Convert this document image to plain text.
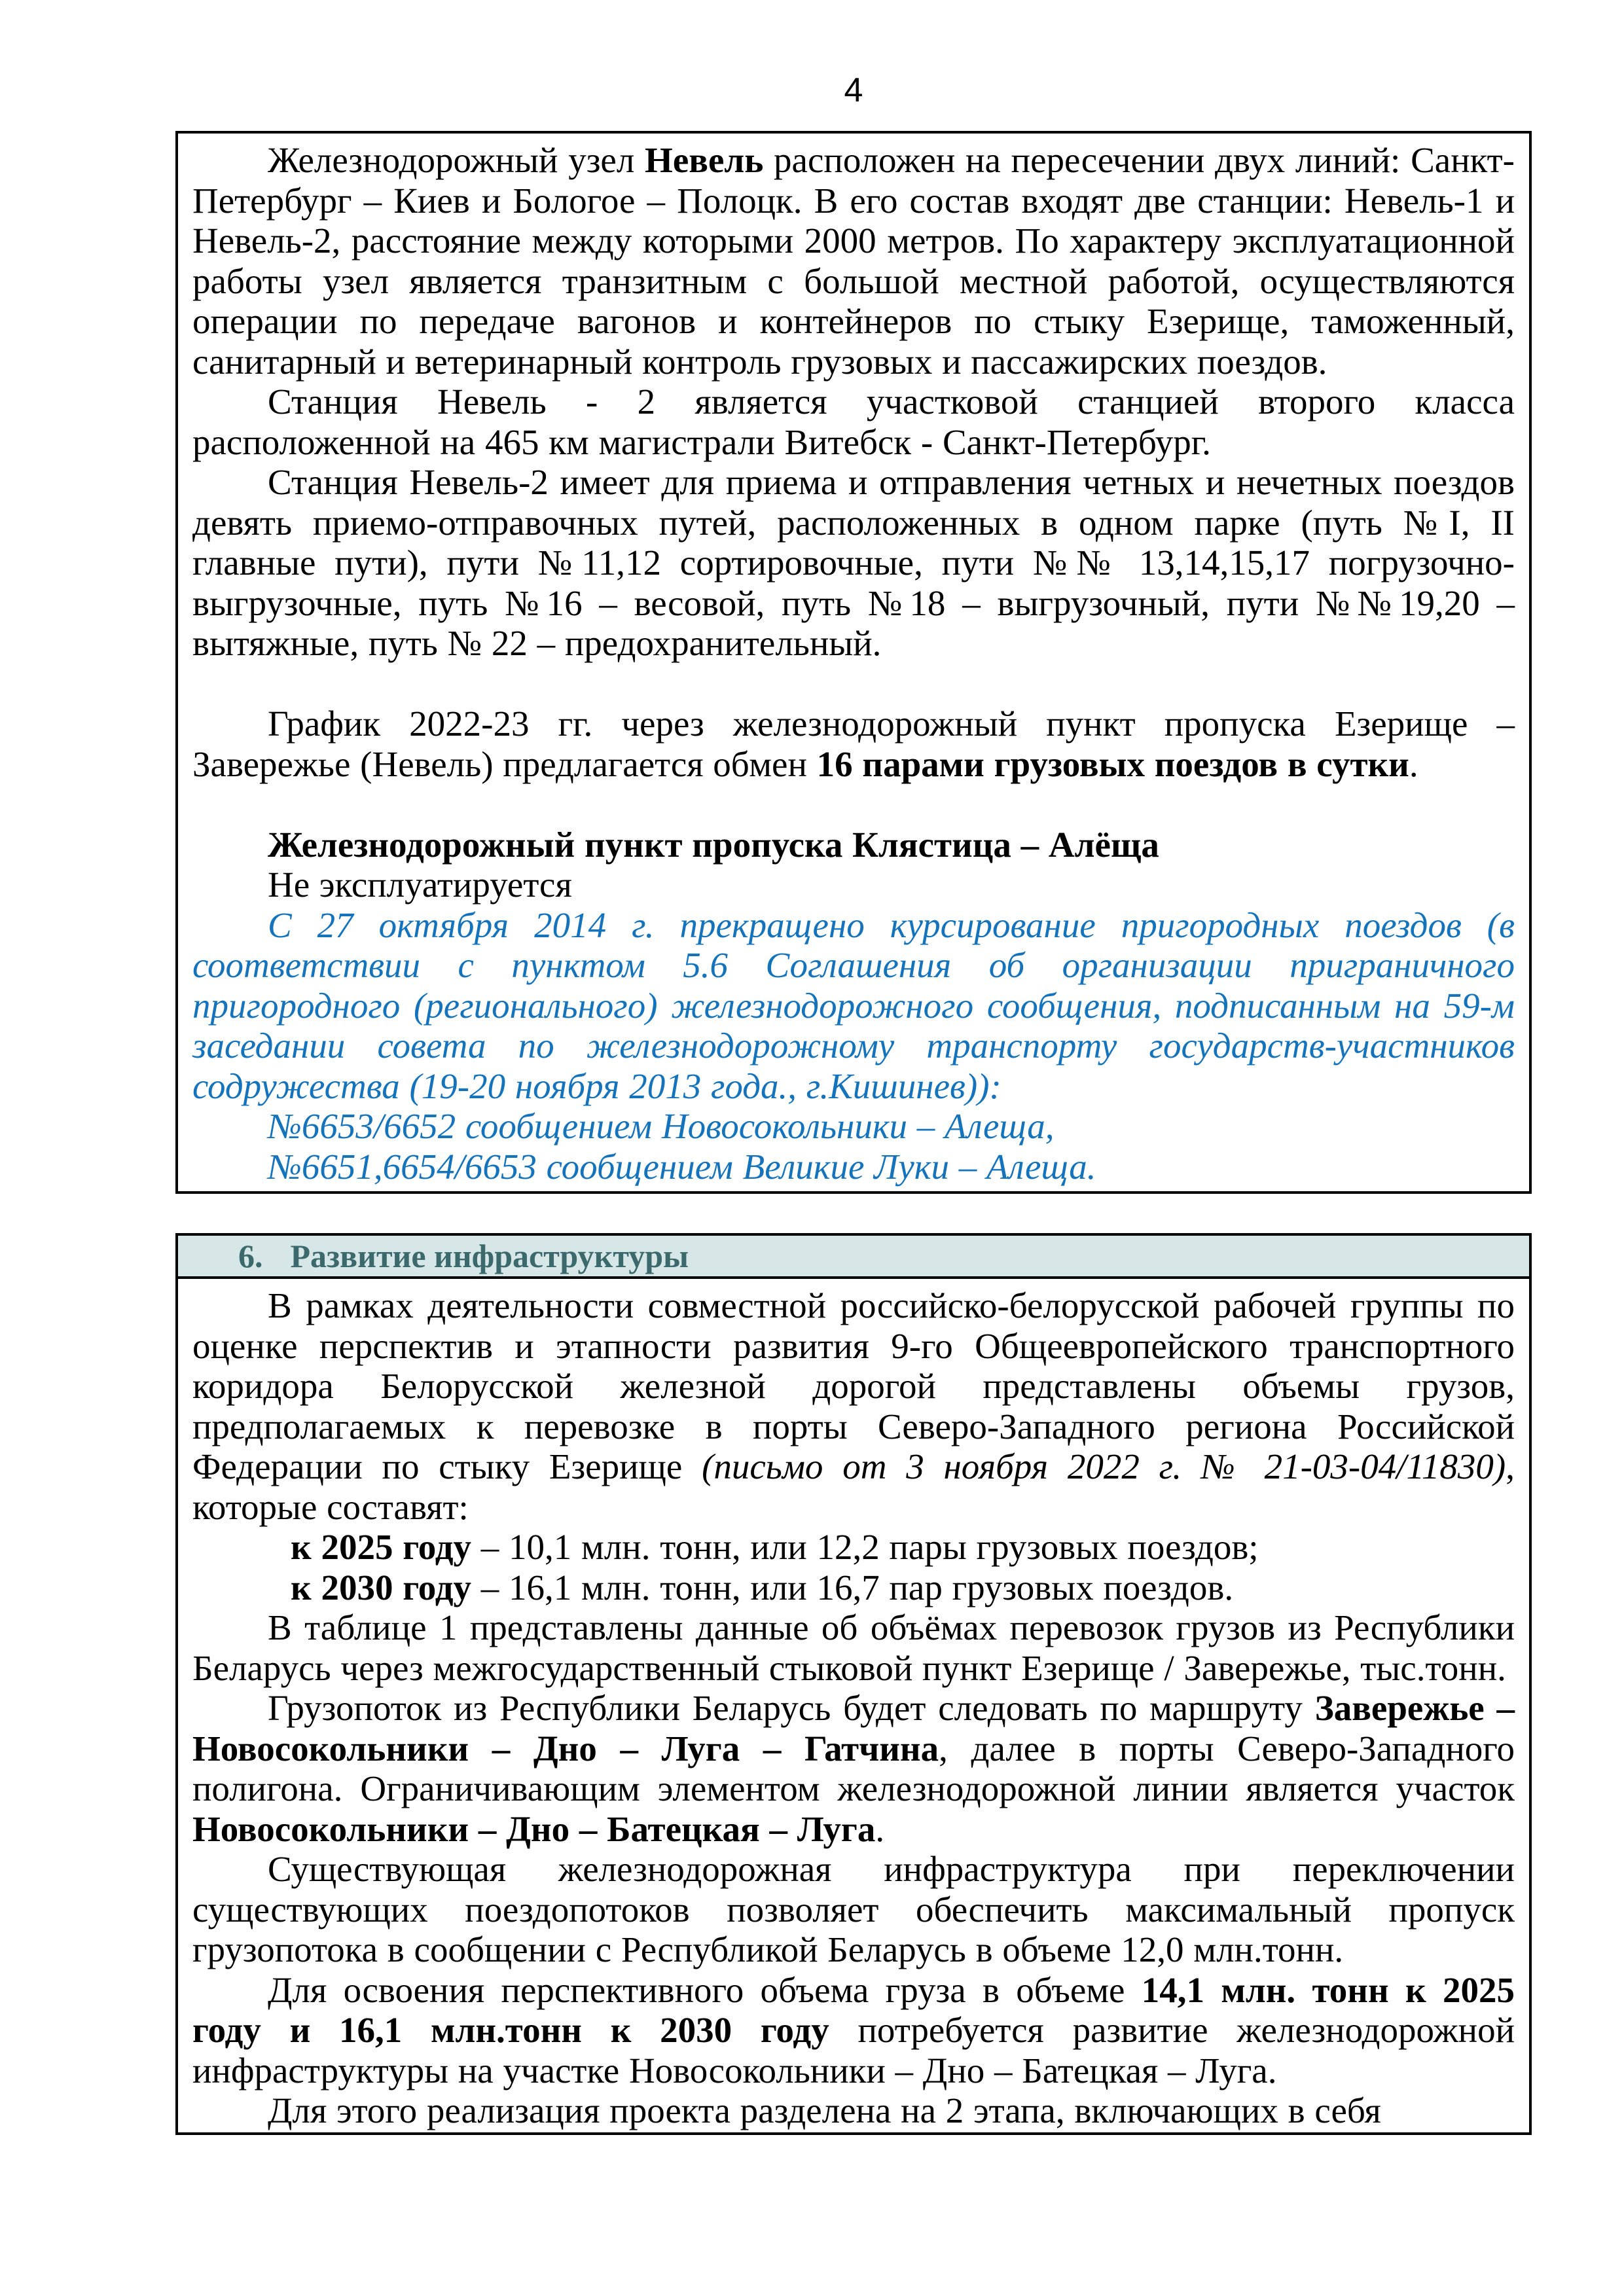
4

Железнодорожный узел Невель расположен на пересечении двух линий: Санкт-Петербург – Киев и Бологое – Полоцк. В его состав входят две станции: Невель-1 и Невель-2, расстояние между которыми 2000 метров. По характеру эксплуатационной работы узел является транзитным с большой местной работой, осуществляются операции по передаче вагонов и контейнеров по стыку Езерище, таможенный, санитарный и ветеринарный контроль грузовых и пассажирских поездов.

Станция Невель - 2 является участковой станцией второго класса расположенной на 465 км магистрали Витебск - Санкт-Петербург.

Станция Невель-2 имеет для приема и отправления четных и нечетных поездов девять приемо-отправочных путей, расположенных в одном парке (путь №I, II главные пути), пути №11,12 сортировочные, пути №№ 13,14,15,17 погрузочно-выгрузочные, путь №16 – весовой, путь №18 – выгрузочный, пути №№19,20 – вытяжные, путь № 22 – предохранительный.

График 2022-23 гг. через железнодорожный пункт пропуска Езерище – Завережье (Невель) предлагается обмен 16 парами грузовых поездов в сутки.

Железнодорожный пункт пропуска Клястица – Алёща

Не эксплуатируется

С 27 октября 2014 г. прекращено курсирование пригородных поездов (в соответствии с пунктом 5.6 Соглашения об организации приграничного пригородного (регионального) железнодорожного сообщения, подписанным на 59-м заседании совета по железнодорожному транспорту государств-участников содружества (19-20 ноября 2013 года., г.Кишинев)):

№6653/6652 сообщением Новосокольники – Алеща,

№6651,6654/6653 сообщением Великие Луки – Алеща.

6. Развитие инфраструктуры

В рамках деятельности совместной российско-белорусской рабочей группы по оценке перспектив и этапности развития 9-го Общеевропейского транспортного коридора Белорусской железной дорогой представлены объемы грузов, предполагаемых к перевозке в порты Северо-Западного региона Российской Федерации по стыку Езерище (письмо от 3 ноября 2022 г. № 21-03-04/11830), которые составят:

к 2025 году – 10,1 млн. тонн, или 12,2 пары грузовых поездов;

к 2030 году – 16,1 млн. тонн, или 16,7 пар грузовых поездов.

В таблице 1 представлены данные об объёмах перевозок грузов из Республики Беларусь через межгосударственный стыковой пункт Езерище / Завережье, тыс.тонн.

Грузопоток из Республики Беларусь будет следовать по маршруту Завережье – Новосокольники – Дно – Луга – Гатчина, далее в порты Северо-Западного полигона. Ограничивающим элементом железнодорожной линии является участок Новосокольники – Дно – Батецкая – Луга.

Существующая железнодорожная инфраструктура при переключении существующих поездопотоков позволяет обеспечить максимальный пропуск грузопотока в сообщении с Республикой Беларусь в объеме 12,0 млн.тонн.

Для освоения перспективного объема груза в объеме 14,1 млн. тонн к 2025 году и 16,1 млн.тонн к 2030 году потребуется развитие железнодорожной инфраструктуры на участке Новосокольники – Дно – Батецкая – Луга.

Для этого реализация проекта разделена на 2 этапа, включающих в себя
